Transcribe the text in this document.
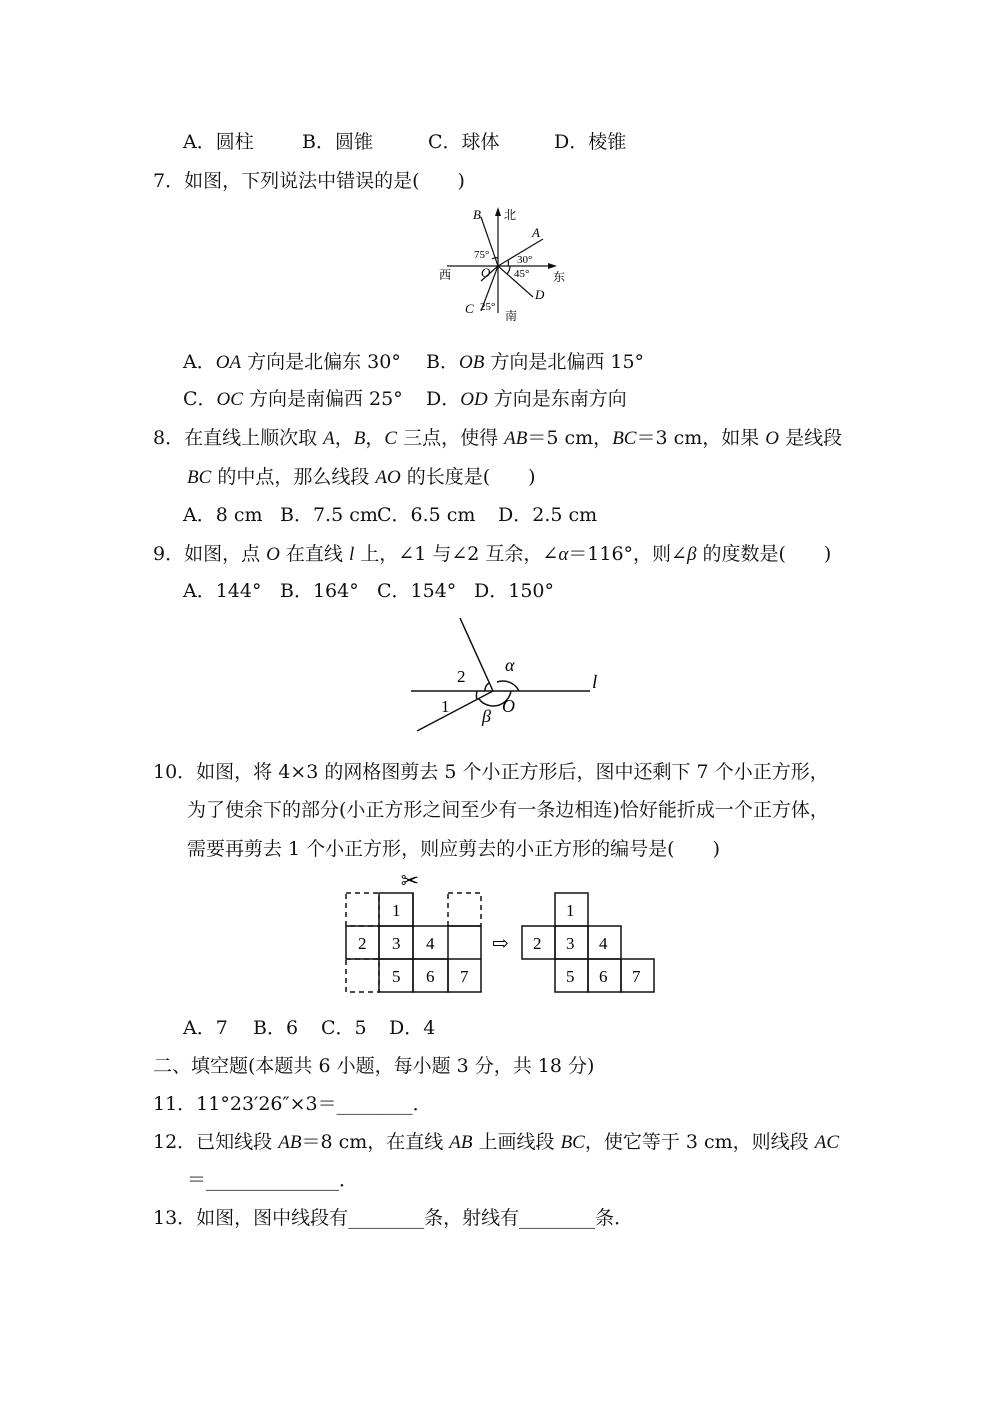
A．圆柱	B．圆锥	C．球体	D．棱锥
7．如图，下列说法中错误的是(　　)
北
南
西	东
B
A
D
C
O
75°	30°
45°
25°
A．OA 方向是北偏东 30° B．OB 方向是北偏西 15°
C．OC 方向是南偏西 25° D．OD 方向是东南方向
8．在直线上顺次取 A，B，C 三点，使得 AB＝5 cm，BC＝3 cm，如果 O 是线段
BC 的中点，那么线段 AO 的长度是(　　)
A．8 cm B．7.5 cmC．6.5 cm D．2.5 cm
9．如图，点 O 在直线 l 上，∠1 与∠2 互余，∠α＝116°，则∠β 的度数是(　　)
A．144° B．164° C．154° D．150°
l
2
1
α
β O
10．如图，将 4×3 的网格图剪去 5 个小正方形后，图中还剩下 7 个小正方形，
为了使余下的部分(小正方形之间至少有一条边相连)恰好能折成一个正方体，
需要再剪去 1 个小正方形，则应剪去的小正方形的编号是(　　)
✂
1
2 3 4
5 6 7
⇨
1
2 3 4
5 6 7
A．7 B．6 C．5 D．4
二、填空题(本题共 6 小题，每小题 3 分，共 18 分)
11．11°23′26″×3＝________．
12．已知线段 AB＝8 cm，在直线 AB 上画线段 BC，使它等于 3 cm，则线段 AC
＝______________．
13．如图，图中线段有________条，射线有________条．
